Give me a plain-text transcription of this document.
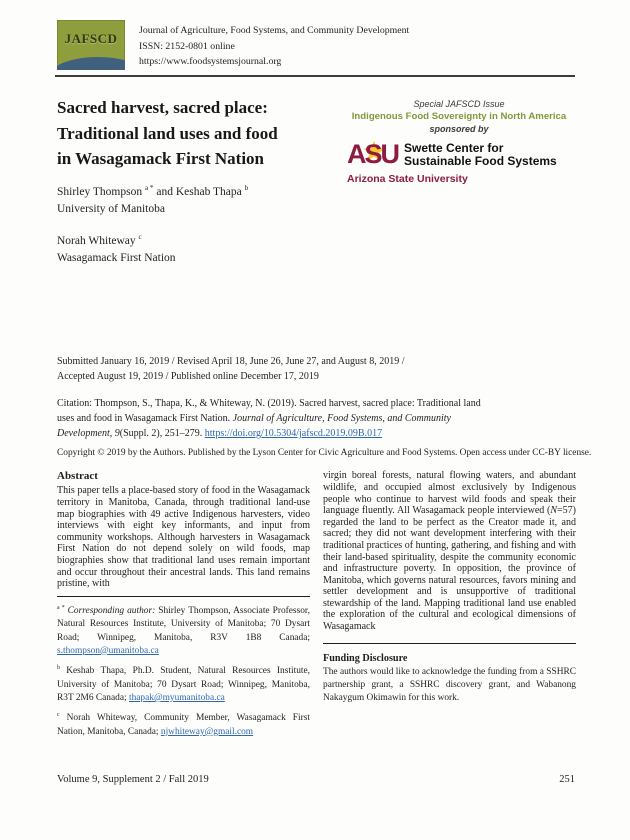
JAFSCD
Journal of Agriculture, Food Systems, and Community Development
ISSN: 2152-0801 online
https://www.foodsystemsjournal.org
Sacred harvest, sacred place:
Traditional land uses and food
in Wasagamack First Nation
Special JAFSCD Issue
Indigenous Food Sovereignty in North America
sponsored by
ASU Swette Center for
Sustainable Food Systems
Arizona State University

Shirley Thompson $^{a *}$ and Keshab Thapa $^b$

University of Manitoba

Norah Whiteway $^c$

Wasagamack First Nation

Submitted January 16, 2019 / Revised April 18, June 26, June 27, and August 8, 2019 /
Accepted August 19, 2019 / Published online December 17, 2019
Citation: Thompson, S., Thapa, K., & Whiteway, N. (2019). Sacred harvest, sacred place: Traditional land uses and food in Wasagamack First Nation. Journal of Agriculture, Food Systems, and Community Development, 9(Suppl. 2), 251–279. https://doi.org/10.5304/jafscd.2019.09B.017
Copyright © 2019 by the Authors. Published by the Lyson Center for Civic Agriculture and Food Systems. Open access under CC-BY license.
Abstract

This paper tells a place-based story of food in the Wasagamack territory in Manitoba, Canada, through traditional land-use map biographies with 49 active Indigenous harvesters, video interviews with eight key informants, and input from community workshops. Although harvesters in Wasagamack First Nation do not depend solely on wild foods, map biographies show that traditional land uses remain important and occur throughout their ancestral lands. This land remains pristine, with

$^{a *}$ Corresponding author: Shirley Thompson, Associate Professor, Natural Resources Institute, University of Manitoba; 70 Dysart Road; Winnipeg, Manitoba, R3V 1B8 Canada; s.thompson@umanitoba.ca

$^b$ Keshab Thapa, Ph.D. Student, Natural Resources Institute, University of Manitoba; 70 Dysart Road; Winnipeg, Manitoba, R3T 2M6 Canada; thapak@myumanitoba.ca

$^c$ Norah Whiteway, Community Member, Wasagamack First Nation, Manitoba, Canada; njwhiteway@gmail.com

virgin boreal forests, natural flowing waters, and abundant wildlife, and occupied almost exclusively by Indigenous people who continue to harvest wild foods and speak their language fluently. All Wasagamack people interviewed (N=57) regarded the land to be perfect as the Creator made it, and sacred; they did not want development interfering with their traditional practices of hunting, gathering, and fishing and with their land-based spirituality, despite the community economic and infrastructure poverty. In opposition, the province of Manitoba, which governs natural resources, favors mining and settler development and is unsupportive of traditional stewardship of the land. Mapping traditional land use enabled the exploration of the cultural and ecological dimensions of Wasagamack

Funding Disclosure

The authors would like to acknowledge the funding from a SSHRC partnership grant, a SSHRC discovery grant, and Wabanong Nakaygum Okimawin for this work.

Volume 9, Supplement 2 / Fall 2019	251
